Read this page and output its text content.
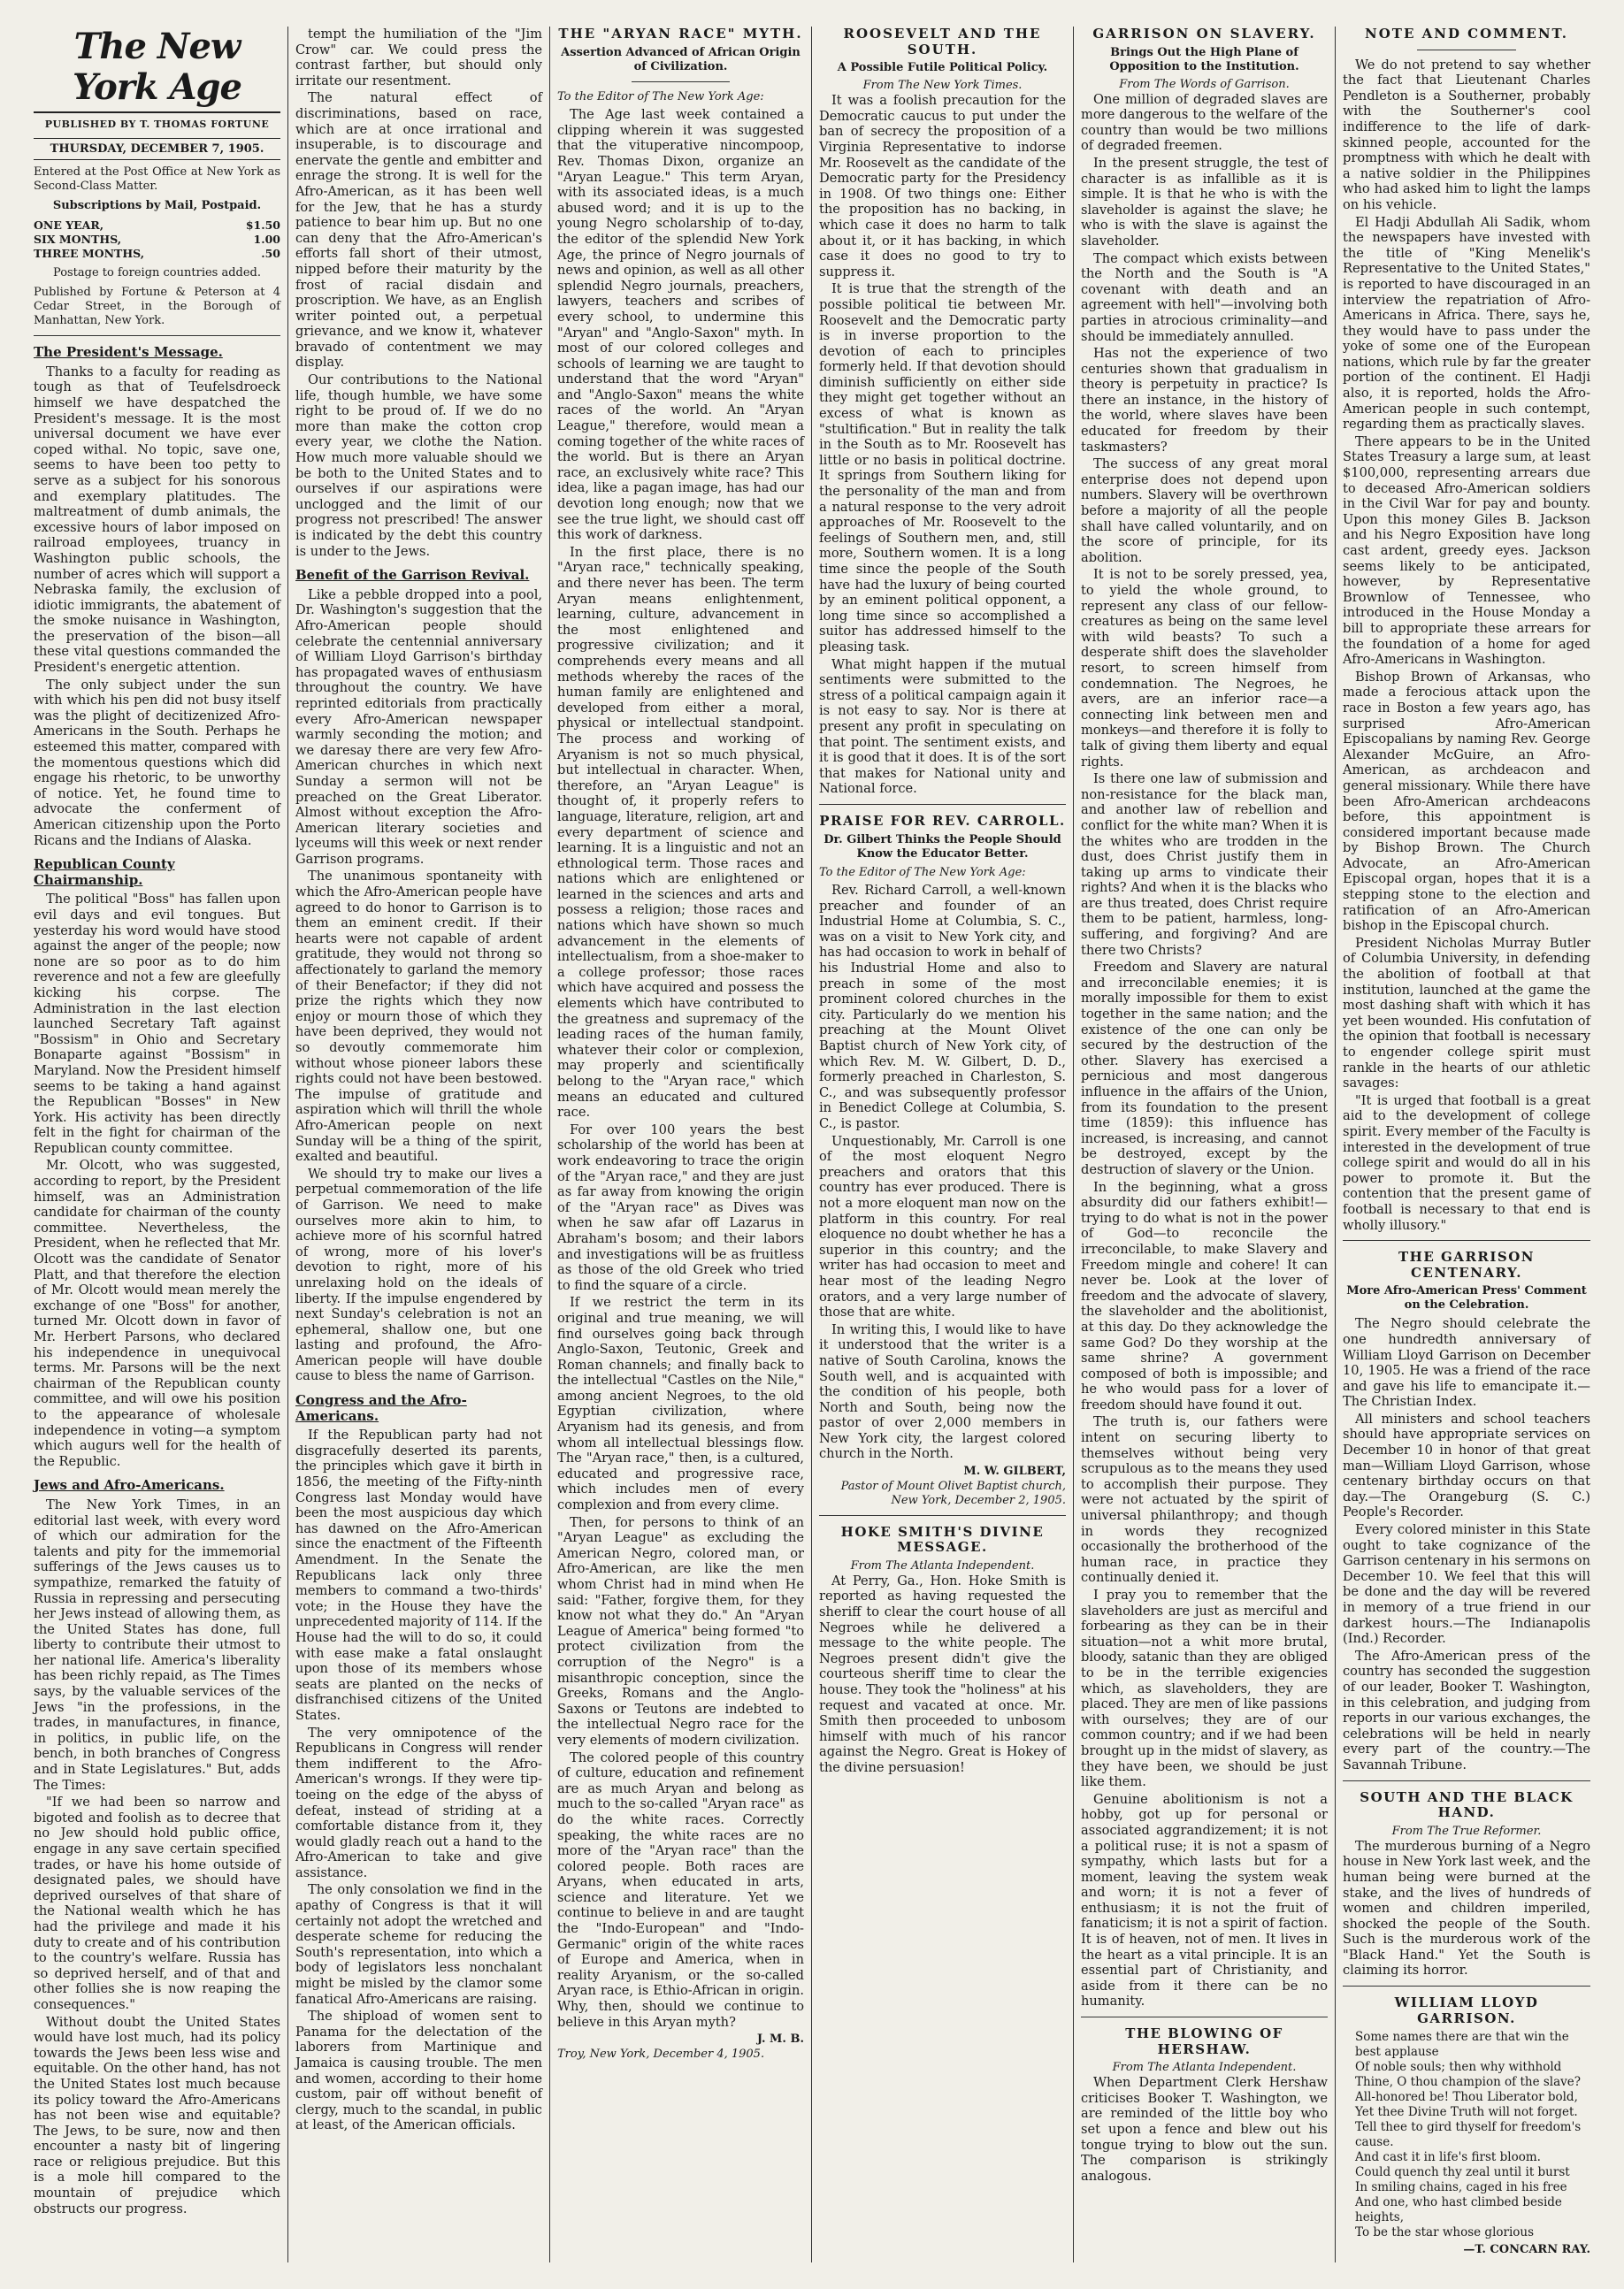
The New York Age
PUBLISHED BY T. THOMAS FORTUNE
THURSDAY, DECEMBER 7, 1905.
Entered at the Post Office at New York as Second-Class Matter.
Subscriptions by Mail, Postpaid.
ONE YEAR,	$1.50
SIX MONTHS,	1.00
THREE MONTHS,	.50
Postage to foreign countries added.
Published by Fortune & Peterson at 4 Cedar Street, in the Borough of Manhattan, New York.
The President's Message.

Thanks to a faculty for reading as tough as that of Teufelsdroeck himself we have despatched the President's message. It is the most universal document we have ever coped withal. No topic, save one, seems to have been too petty to serve as a subject for his sonorous and exemplary platitudes. The maltreatment of dumb animals, the excessive hours of labor imposed on railroad employees, truancy in Washington public schools, the number of acres which will support a Nebraska family, the exclusion of idiotic immigrants, the abatement of the smoke nuisance in Washington, the preservation of the bison—all these vital questions commanded the President's energetic attention.

The only subject under the sun with which his pen did not busy itself was the plight of decitizenized Afro-Americans in the South. Perhaps he esteemed this matter, compared with the momentous questions which did engage his rhetoric, to be unworthy of notice. Yet, he found time to advocate the conferment of American citizenship upon the Porto Ricans and the Indians of Alaska.

Republican County Chairmanship.

The political "Boss" has fallen upon evil days and evil tongues. But yesterday his word would have stood against the anger of the people; now none are so poor as to do him reverence and not a few are gleefully kicking his corpse. The Administration in the last election launched Secretary Taft against "Bossism" in Ohio and Secretary Bonaparte against "Bossism" in Maryland. Now the President himself seems to be taking a hand against the Republican "Bosses" in New York. His activity has been directly felt in the fight for chairman of the Republican county committee.

Mr. Olcott, who was suggested, according to report, by the President himself, was an Administration candidate for chairman of the county committee. Nevertheless, the President, when he reflected that Mr. Olcott was the candidate of Senator Platt, and that therefore the election of Mr. Olcott would mean merely the exchange of one "Boss" for another, turned Mr. Olcott down in favor of Mr. Herbert Parsons, who declared his independence in unequivocal terms. Mr. Parsons will be the next chairman of the Republican county committee, and will owe his position to the appearance of wholesale independence in voting—a symptom which augurs well for the health of the Republic.

Jews and Afro-Americans.

The New York Times, in an editorial last week, with every word of which our admiration for the talents and pity for the immemorial sufferings of the Jews causes us to sympathize, remarked the fatuity of Russia in repressing and persecuting her Jews instead of allowing them, as the United States has done, full liberty to contribute their utmost to her national life. America's liberality has been richly repaid, as The Times says, by the valuable services of the Jews "in the professions, in the trades, in manufactures, in finance, in politics, in public life, on the bench, in both branches of Congress and in State Legislatures." But, adds The Times:

"If we had been so narrow and bigoted and foolish as to decree that no Jew should hold public office, engage in any save certain specified trades, or have his home outside of designated pales, we should have deprived ourselves of that share of the National wealth which he has had the privilege and made it his duty to create and of his contribution to the country's welfare. Russia has so deprived herself, and of that and other follies she is now reaping the consequences."

Without doubt the United States would have lost much, had its policy towards the Jews been less wise and equitable. On the other hand, has not the United States lost much because its policy toward the Afro-Americans has not been wise and equitable? The Jews, to be sure, now and then encounter a nasty bit of lingering race or religious prejudice. But this is a mole hill compared to the mountain of prejudice which obstructs our progress.

tempt the humiliation of the "Jim Crow" car. We could press the contrast farther, but should only irritate our resentment.

The natural effect of discriminations, based on race, which are at once irrational and insuperable, is to discourage and enervate the gentle and embitter and enrage the strong. It is well for the Afro-American, as it has been well for the Jew, that he has a sturdy patience to bear him up. But no one can deny that the Afro-American's efforts fall short of their utmost, nipped before their maturity by the frost of racial disdain and proscription. We have, as an English writer pointed out, a perpetual grievance, and we know it, whatever bravado of contentment we may display.

Our contributions to the National life, though humble, we have some right to be proud of. If we do no more than make the cotton crop every year, we clothe the Nation. How much more valuable should we be both to the United States and to ourselves if our aspirations were unclogged and the limit of our progress not prescribed! The answer is indicated by the debt this country is under to the Jews.

Benefit of the Garrison Revival.

Like a pebble dropped into a pool, Dr. Washington's suggestion that the Afro-American people should celebrate the centennial anniversary of William Lloyd Garrison's birthday has propagated waves of enthusiasm throughout the country. We have reprinted editorials from practically every Afro-American newspaper warmly seconding the motion; and we daresay there are very few Afro-American churches in which next Sunday a sermon will not be preached on the Great Liberator. Almost without exception the Afro-American literary societies and lyceums will this week or next render Garrison programs.

The unanimous spontaneity with which the Afro-American people have agreed to do honor to Garrison is to them an eminent credit. If their hearts were not capable of ardent gratitude, they would not throng so affectionately to garland the memory of their Benefactor; if they did not prize the rights which they now enjoy or mourn those of which they have been deprived, they would not so devoutly commemorate him without whose pioneer labors these rights could not have been bestowed. The impulse of gratitude and aspiration which will thrill the whole Afro-American people on next Sunday will be a thing of the spirit, exalted and beautiful.

We should try to make our lives a perpetual commemoration of the life of Garrison. We need to make ourselves more akin to him, to achieve more of his scornful hatred of wrong, more of his lover's devotion to right, more of his unrelaxing hold on the ideals of liberty. If the impulse engendered by next Sunday's celebration is not an ephemeral, shallow one, but one lasting and profound, the Afro-American people will have double cause to bless the name of Garrison.

Congress and the Afro-Americans.

If the Republican party had not disgracefully deserted its parents, the principles which gave it birth in 1856, the meeting of the Fifty-ninth Congress last Monday would have been the most auspicious day which has dawned on the Afro-American since the enactment of the Fifteenth Amendment. In the Senate the Republicans lack only three members to command a two-thirds' vote; in the House they have the unprecedented majority of 114. If the House had the will to do so, it could with ease make a fatal onslaught upon those of its members whose seats are planted on the necks of disfranchised citizens of the United States.

The very omnipotence of the Republicans in Congress will render them indifferent to the Afro-American's wrongs. If they were tip-toeing on the edge of the abyss of defeat, instead of striding at a comfortable distance from it, they would gladly reach out a hand to the Afro-American to take and give assistance.

The only consolation we find in the apathy of Congress is that it will certainly not adopt the wretched and desperate scheme for reducing the South's representation, into which a body of legislators less nonchalant might be misled by the clamor some fanatical Afro-Americans are raising.

The shipload of women sent to Panama for the delectation of the laborers from Martinique and Jamaica is causing trouble. The men and women, according to their home custom, pair off without benefit of clergy, much to the scandal, in public at least, of the American officials.

THE "ARYAN RACE" MYTH.
Assertion Advanced of African Origin of Civilization.
To the Editor of The New York Age:

The Age last week contained a clipping wherein it was suggested that the vituperative nincompoop, Rev. Thomas Dixon, organize an "Aryan League." This term Aryan, with its associated ideas, is a much abused word; and it is up to the young Negro scholarship of to-day, the editor of the splendid New York Age, the prince of Negro journals of news and opinion, as well as all other splendid Negro journals, preachers, lawyers, teachers and scribes of every school, to undermine this "Aryan" and "Anglo-Saxon" myth. In most of our colored colleges and schools of learning we are taught to understand that the word "Aryan" and "Anglo-Saxon" means the white races of the world. An "Aryan League," therefore, would mean a coming together of the white races of the world. But is there an Aryan race, an exclusively white race? This idea, like a pagan image, has had our devotion long enough; now that we see the true light, we should cast off this work of darkness.

In the first place, there is no "Aryan race," technically speaking, and there never has been. The term Aryan means enlightenment, learning, culture, advancement in the most enlightened and progressive civilization; and it comprehends every means and all methods whereby the races of the human family are enlightened and developed from either a moral, physical or intellectual standpoint. The process and working of Aryanism is not so much physical, but intellectual in character. When, therefore, an "Aryan League" is thought of, it properly refers to language, literature, religion, art and every department of science and learning. It is a linguistic and not an ethnological term. Those races and nations which are enlightened or learned in the sciences and arts and possess a religion; those races and nations which have shown so much advancement in the elements of intellectualism, from a shoe-maker to a college professor; those races which have acquired and possess the elements which have contributed to the greatness and supremacy of the leading races of the human family, whatever their color or complexion, may properly and scientifically belong to the "Aryan race," which means an educated and cultured race.

For over 100 years the best scholarship of the world has been at work endeavoring to trace the origin of the "Aryan race," and they are just as far away from knowing the origin of the "Aryan race" as Dives was when he saw afar off Lazarus in Abraham's bosom; and their labors and investigations will be as fruitless as those of the old Greek who tried to find the square of a circle.

If we restrict the term in its original and true meaning, we will find ourselves going back through Anglo-Saxon, Teutonic, Greek and Roman channels; and finally back to the intellectual "Castles on the Nile," among ancient Negroes, to the old Egyptian civilization, where Aryanism had its genesis, and from whom all intellectual blessings flow. The "Aryan race," then, is a cultured, educated and progressive race, which includes men of every complexion and from every clime.

Then, for persons to think of an "Aryan League" as excluding the American Negro, colored man, or Afro-American, are like the men whom Christ had in mind when He said: "Father, forgive them, for they know not what they do." An "Aryan League of America" being formed "to protect civilization from the corruption of the Negro" is a misanthropic conception, since the Greeks, Romans and the Anglo-Saxons or Teutons are indebted to the intellectual Negro race for the very elements of modern civilization.

The colored people of this country of culture, education and refinement are as much Aryan and belong as much to the so-called "Aryan race" as do the white races. Correctly speaking, the white races are no more of the "Aryan race" than the colored people. Both races are Aryans, when educated in arts, science and literature. Yet we continue to believe in and are taught the "Indo-European" and "Indo-Germanic" origin of the white races of Europe and America, when in reality Aryanism, or the so-called Aryan race, is Ethio-African in origin. Why, then, should we continue to believe in this Aryan myth?

J. M. B.
Troy, New York, December 4, 1905.
ROOSEVELT AND THE SOUTH.
A Possible Futile Political Policy.
From The New York Times.

It was a foolish precaution for the Democratic caucus to put under the ban of secrecy the proposition of a Virginia Representative to indorse Mr. Roosevelt as the candidate of the Democratic party for the Presidency in 1908. Of two things one: Either the proposition has no backing, in which case it does no harm to talk about it, or it has backing, in which case it does no good to try to suppress it.

It is true that the strength of the possible political tie between Mr. Roosevelt and the Democratic party is in inverse proportion to the devotion of each to principles formerly held. If that devotion should diminish sufficiently on either side they might get together without an excess of what is known as "stultification." But in reality the talk in the South as to Mr. Roosevelt has little or no basis in political doctrine. It springs from Southern liking for the personality of the man and from a natural response to the very adroit approaches of Mr. Roosevelt to the feelings of Southern men, and, still more, Southern women. It is a long time since the people of the South have had the luxury of being courted by an eminent political opponent, a long time since so accomplished a suitor has addressed himself to the pleasing task.

What might happen if the mutual sentiments were submitted to the stress of a political campaign again it is not easy to say. Nor is there at present any profit in speculating on that point. The sentiment exists, and it is good that it does. It is of the sort that makes for National unity and National force.

PRAISE FOR REV. CARROLL.
Dr. Gilbert Thinks the People Should Know the Educator Better.
To the Editor of The New York Age:

Rev. Richard Carroll, a well-known preacher and founder of an Industrial Home at Columbia, S. C., was on a visit to New York city, and has had occasion to work in behalf of his Industrial Home and also to preach in some of the most prominent colored churches in the city. Particularly do we mention his preaching at the Mount Olivet Baptist church of New York city, of which Rev. M. W. Gilbert, D. D., formerly preached in Charleston, S. C., and was subsequently professor in Benedict College at Columbia, S. C., is pastor.

Unquestionably, Mr. Carroll is one of the most eloquent Negro preachers and orators that this country has ever produced. There is not a more eloquent man now on the platform in this country. For real eloquence no doubt whether he has a superior in this country; and the writer has had occasion to meet and hear most of the leading Negro orators, and a very large number of those that are white.

In writing this, I would like to have it understood that the writer is a native of South Carolina, knows the South well, and is acquainted with the condition of his people, both North and South, being now the pastor of over 2,000 members in New York city, the largest colored church in the North.

M. W. GILBERT,
Pastor of Mount Olivet Baptist church, New York, December 2, 1905.
HOKE SMITH'S DIVINE MESSAGE.
From The Atlanta Independent.

At Perry, Ga., Hon. Hoke Smith is reported as having requested the sheriff to clear the court house of all Negroes while he delivered a message to the white people. The Negroes present didn't give the courteous sheriff time to clear the house. They took the "holiness" at his request and vacated at once. Mr. Smith then proceeded to unbosom himself with much of his rancor against the Negro. Great is Hokey of the divine persuasion!

GARRISON ON SLAVERY.
Brings Out the High Plane of Opposition to the Institution.
From The Words of Garrison.

One million of degraded slaves are more dangerous to the welfare of the country than would be two millions of degraded freemen.

In the present struggle, the test of character is as infallible as it is simple. It is that he who is with the slaveholder is against the slave; he who is with the slave is against the slaveholder.

The compact which exists between the North and the South is "A covenant with death and an agreement with hell"—involving both parties in atrocious criminality—and should be immediately annulled.

Has not the experience of two centuries shown that gradualism in theory is perpetuity in practice? Is there an instance, in the history of the world, where slaves have been educated for freedom by their taskmasters?

The success of any great moral enterprise does not depend upon numbers. Slavery will be overthrown before a majority of all the people shall have called voluntarily, and on the score of principle, for its abolition.

It is not to be sorely pressed, yea, to yield the whole ground, to represent any class of our fellow-creatures as being on the same level with wild beasts? To such a desperate shift does the slaveholder resort, to screen himself from condemnation. The Negroes, he avers, are an inferior race—a connecting link between men and monkeys—and therefore it is folly to talk of giving them liberty and equal rights.

Is there one law of submission and non-resistance for the black man, and another law of rebellion and conflict for the white man? When it is the whites who are trodden in the dust, does Christ justify them in taking up arms to vindicate their rights? And when it is the blacks who are thus treated, does Christ require them to be patient, harmless, long-suffering, and forgiving? And are there two Christs?

Freedom and Slavery are natural and irreconcilable enemies; it is morally impossible for them to exist together in the same nation; and the existence of the one can only be secured by the destruction of the other. Slavery has exercised a pernicious and most dangerous influence in the affairs of the Union, from its foundation to the present time (1859): this influence has increased, is increasing, and cannot be destroyed, except by the destruction of slavery or the Union.

In the beginning, what a gross absurdity did our fathers exhibit!—trying to do what is not in the power of God—to reconcile the irreconcilable, to make Slavery and Freedom mingle and cohere! It can never be. Look at the lover of freedom and the advocate of slavery, the slaveholder and the abolitionist, at this day. Do they acknowledge the same God? Do they worship at the same shrine? A government composed of both is impossible; and he who would pass for a lover of freedom should have found it out.

The truth is, our fathers were intent on securing liberty to themselves without being very scrupulous as to the means they used to accomplish their purpose. They were not actuated by the spirit of universal philanthropy; and though in words they recognized occasionally the brotherhood of the human race, in practice they continually denied it.

I pray you to remember that the slaveholders are just as merciful and forbearing as they can be in their situation—not a whit more brutal, bloody, satanic than they are obliged to be in the terrible exigencies which, as slaveholders, they are placed. They are men of like passions with ourselves; they are of our common country; and if we had been brought up in the midst of slavery, as they have been, we should be just like them.

Genuine abolitionism is not a hobby, got up for personal or associated aggrandizement; it is not a political ruse; it is not a spasm of sympathy, which lasts but for a moment, leaving the system weak and worn; it is not a fever of enthusiasm; it is not the fruit of fanaticism; it is not a spirit of faction. It is of heaven, not of men. It lives in the heart as a vital principle. It is an essential part of Christianity, and aside from it there can be no humanity.

THE BLOWING OF HERSHAW.
From The Atlanta Independent.

When Department Clerk Hershaw criticises Booker T. Washington, we are reminded of the little boy who set upon a fence and blew out his tongue trying to blow out the sun. The comparison is strikingly analogous.

NOTE AND COMMENT.

We do not pretend to say whether the fact that Lieutenant Charles Pendleton is a Southerner, probably with the Southerner's cool indifference to the life of dark-skinned people, accounted for the promptness with which he dealt with a native soldier in the Philippines who had asked him to light the lamps on his vehicle.

El Hadji Abdullah Ali Sadik, whom the newspapers have invested with the title of "King Menelik's Representative to the United States," is reported to have discouraged in an interview the repatriation of Afro-Americans in Africa. There, says he, they would have to pass under the yoke of some one of the European nations, which rule by far the greater portion of the continent. El Hadji also, it is reported, holds the Afro-American people in such contempt, regarding them as practically slaves.

There appears to be in the United States Treasury a large sum, at least $100,000, representing arrears due to deceased Afro-American soldiers in the Civil War for pay and bounty. Upon this money Giles B. Jackson and his Negro Exposition have long cast ardent, greedy eyes. Jackson seems likely to be anticipated, however, by Representative Brownlow of Tennessee, who introduced in the House Monday a bill to appropriate these arrears for the foundation of a home for aged Afro-Americans in Washington.

Bishop Brown of Arkansas, who made a ferocious attack upon the race in Boston a few years ago, has surprised Afro-American Episcopalians by naming Rev. George Alexander McGuire, an Afro-American, as archdeacon and general missionary. While there have been Afro-American archdeacons before, this appointment is considered important because made by Bishop Brown. The Church Advocate, an Afro-American Episcopal organ, hopes that it is a stepping stone to the election and ratification of an Afro-American bishop in the Episcopal church.

President Nicholas Murray Butler of Columbia University, in defending the abolition of football at that institution, launched at the game the most dashing shaft with which it has yet been wounded. His confutation of the opinion that football is necessary to engender college spirit must rankle in the hearts of our athletic savages:

"It is urged that football is a great aid to the development of college spirit. Every member of the Faculty is interested in the development of true college spirit and would do all in his power to promote it. But the contention that the present game of football is necessary to that end is wholly illusory."

THE GARRISON CENTENARY.
More Afro-American Press' Comment on the Celebration.

The Negro should celebrate the one hundredth anniversary of William Lloyd Garrison on December 10, 1905. He was a friend of the race and gave his life to emancipate it.—The Christian Index.

All ministers and school teachers should have appropriate services on December 10 in honor of that great man—William Lloyd Garrison, whose centenary birthday occurs on that day.—The Orangeburg (S. C.) People's Recorder.

Every colored minister in this State ought to take cognizance of the Garrison centenary in his sermons on December 10. We feel that this will be done and the day will be revered in memory of a true friend in our darkest hours.—The Indianapolis (Ind.) Recorder.

The Afro-American press of the country has seconded the suggestion of our leader, Booker T. Washington, in this celebration, and judging from reports in our various exchanges, the celebrations will be held in nearly every part of the country.—The Savannah Tribune.

SOUTH AND THE BLACK HAND.
From The True Reformer.

The murderous burning of a Negro house in New York last week, and the human being were burned at the stake, and the lives of hundreds of women and children imperiled, shocked the people of the South. Such is the murderous work of the "Black Hand." Yet the South is claiming its horror.

WILLIAM LLOYD GARRISON.
Some names there are that win the best applause
Of noble souls; then why withhold
Thine, O thou champion of the slave?
All-honored be! Thou Liberator bold,
Yet thee Divine Truth will not forget.
Tell thee to gird thyself for freedom's cause.
And cast it in life's first bloom.
Could quench thy zeal until it burst
In smiling chains, caged in his free
And one, who hast climbed beside
heights,
To be the star whose glorious
—T. CONCARN RAY.
